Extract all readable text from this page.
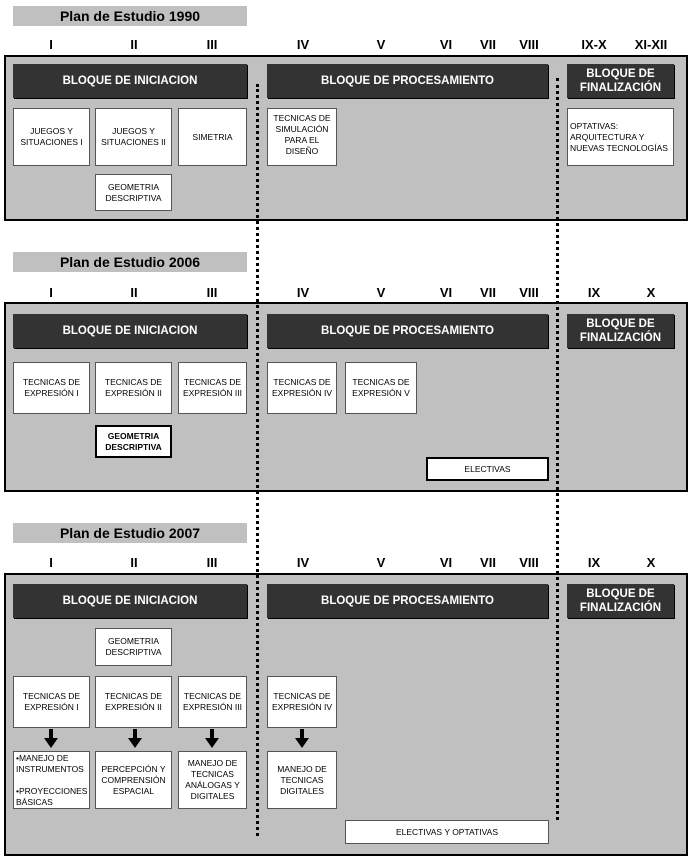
Plan de Estudio 1990
I	II	III	IV	V	VI	VII	VIII	IX-X	XI-XII
BLOQUE DE INICIACION	BLOQUE DE PROCESAMIENTO
BLOQUE DE
FINALIZACIÓN
JUEGOS Y
SITUACIONES I
JUEGOS Y
SITUACIONES II
SIMETRIA
GEOMETRIA
DESCRIPTIVA
TECNICAS DE
SIMULACIÓN
PARA EL
DISEÑO
OPTATIVAS:
ARQUITECTURA Y
NUEVAS TECNOLOGÍAS
Plan de Estudio 2006
I	II	III	IV	V	VI	VII	VIII	IX	X
BLOQUE DE INICIACION	BLOQUE DE PROCESAMIENTO
BLOQUE DE
FINALIZACIÓN
TECNICAS DE
EXPRESIÓN I
TECNICAS DE
EXPRESIÓN II
TECNICAS DE
EXPRESIÓN III
TECNICAS DE
EXPRESIÓN IV
TECNICAS DE
EXPRESIÓN V
GEOMETRIA
DESCRIPTIVA
ELECTIVAS
Plan de Estudio 2007
I	II	III	IV	V	VI	VII	VIII	IX	X
BLOQUE DE INICIACION	BLOQUE DE PROCESAMIENTO
BLOQUE DE
FINALIZACIÓN
GEOMETRIA
DESCRIPTIVA
TECNICAS DE
EXPRESIÓN I
TECNICAS DE
EXPRESIÓN II
TECNICAS DE
EXPRESIÓN III
TECNICAS DE
EXPRESIÓN IV
•MANEJO DE
INSTRUMENTOS

•PROYECCIONES
BÁSICAS
PERCEPCIÓN Y
COMPRENSIÓN
ESPACIAL
MANEJO DE
TECNICAS
ANÁLOGAS Y
DIGITALES
MANEJO DE
TECNICAS
DIGITALES
ELECTIVAS Y OPTATIVAS
